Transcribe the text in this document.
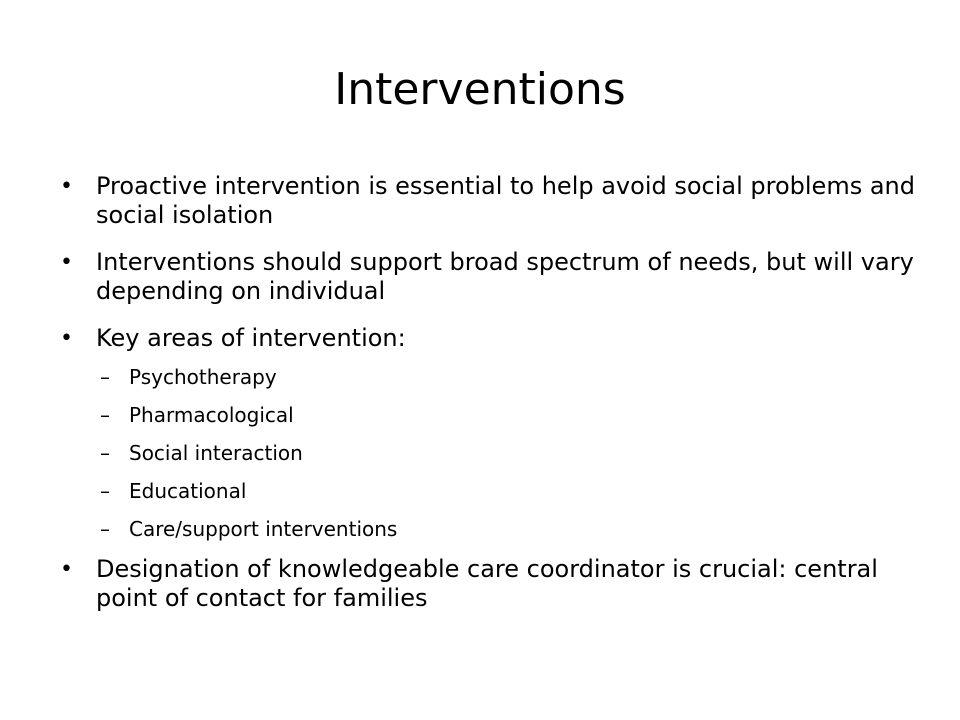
Interventions
• Proactive intervention is essential to help avoid social problems and social isolation
• Interventions should support broad spectrum of needs, but will vary depending on individual
• Key areas of intervention:
– Psychotherapy
– Pharmacological
– Social interaction
– Educational
– Care/support interventions
• Designation of knowledgeable care coordinator is crucial: central point of contact for families
